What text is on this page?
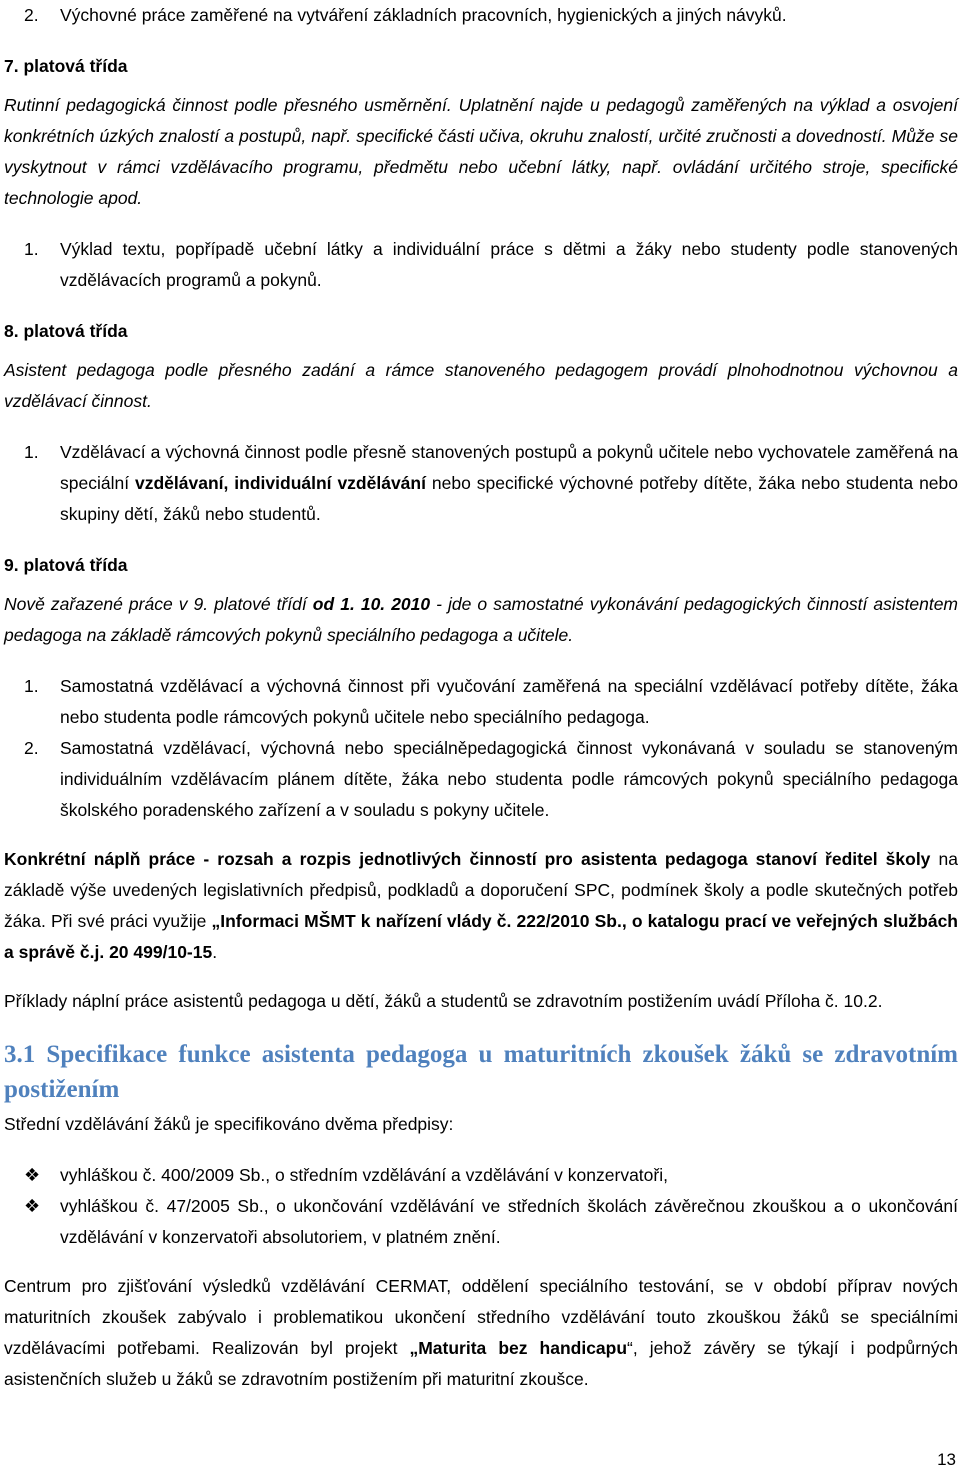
2. Výchovné práce zaměřené na vytváření základních pracovních, hygienických a jiných návyků.

7. platová třída

Rutinní pedagogická činnost podle přesného usměrnění. Uplatnění najde u pedagogů zaměřených na výklad a osvojení konkrétních úzkých znalostí a postupů, např. specifické části učiva, okruhu znalostí, určité zručnosti a dovedností. Může se vyskytnout v rámci vzdělávacího programu, předmětu nebo učební látky, např. ovládání určitého stroje, specifické technologie apod.

1. Výklad textu, popřípadě učební látky a individuální práce s dětmi a žáky nebo studenty podle stanovených vzdělávacích programů a pokynů.

8. platová třída

Asistent pedagoga podle přesného zadání a rámce stanoveného pedagogem provádí plnohodnotnou výchovnou a vzdělávací činnost.

1. Vzdělávací a výchovná činnost podle přesně stanovených postupů a pokynů učitele nebo vychovatele zaměřená na speciální vzdělávaní, individuální vzdělávání nebo specifické výchovné potřeby dítěte, žáka nebo studenta nebo skupiny dětí, žáků nebo studentů.

9. platová třída

Nově zařazené práce v 9. platové třídí od 1. 10. 2010 - jde o samostatné vykonávání pedagogických činností asistentem pedagoga na základě rámcových pokynů speciálního pedagoga a učitele.

1. Samostatná vzdělávací a výchovná činnost při vyučování zaměřená na speciální vzdělávací potřeby dítěte, žáka nebo studenta podle rámcových pokynů učitele nebo speciálního pedagoga.

2. Samostatná vzdělávací, výchovná nebo speciálněpedagogická činnost vykonávaná v souladu se stanoveným individuálním vzdělávacím plánem dítěte, žáka nebo studenta podle rámcových pokynů speciálního pedagoga školského poradenského zařízení a v souladu s pokyny učitele.

Konkrétní náplň práce - rozsah a rozpis jednotlivých činností pro asistenta pedagoga stanoví ředitel školy na základě výše uvedených legislativních předpisů, podkladů a doporučení SPC, podmínek školy a podle skutečných potřeb žáka. Při své práci využije „Informaci MŠMT k nařízení vlády č. 222/2010 Sb., o katalogu prací ve veřejných službách a správě č.j. 20 499/10-15.

Příklady náplní práce asistentů pedagoga u dětí, žáků a studentů se zdravotním postižením uvádí Příloha č. 10.2.

3.1 Specifikace funkce asistenta pedagoga u maturitních zkoušek žáků se zdravotním postižením

Střední vzdělávání žáků je specifikováno dvěma předpisy:

❖ vyhláškou č. 400/2009 Sb., o středním vzdělávání a vzdělávání v konzervatoři,

❖ vyhláškou č. 47/2005 Sb., o ukončování vzdělávání ve středních školách závěrečnou zkouškou a o ukončování vzdělávání v konzervatoři absolutoriem, v platném znění.

Centrum pro zjišťování výsledků vzdělávání CERMAT, oddělení speciálního testování, se v období příprav nových maturitních zkoušek zabývalo i problematikou ukončení středního vzdělávání touto zkouškou žáků se speciálními vzdělávacími potřebami. Realizován byl projekt „Maturita bez handicapu“, jehož závěry se týkají i podpůrných asistenčních služeb u žáků se zdravotním postižením při maturitní zkoušce.

13
